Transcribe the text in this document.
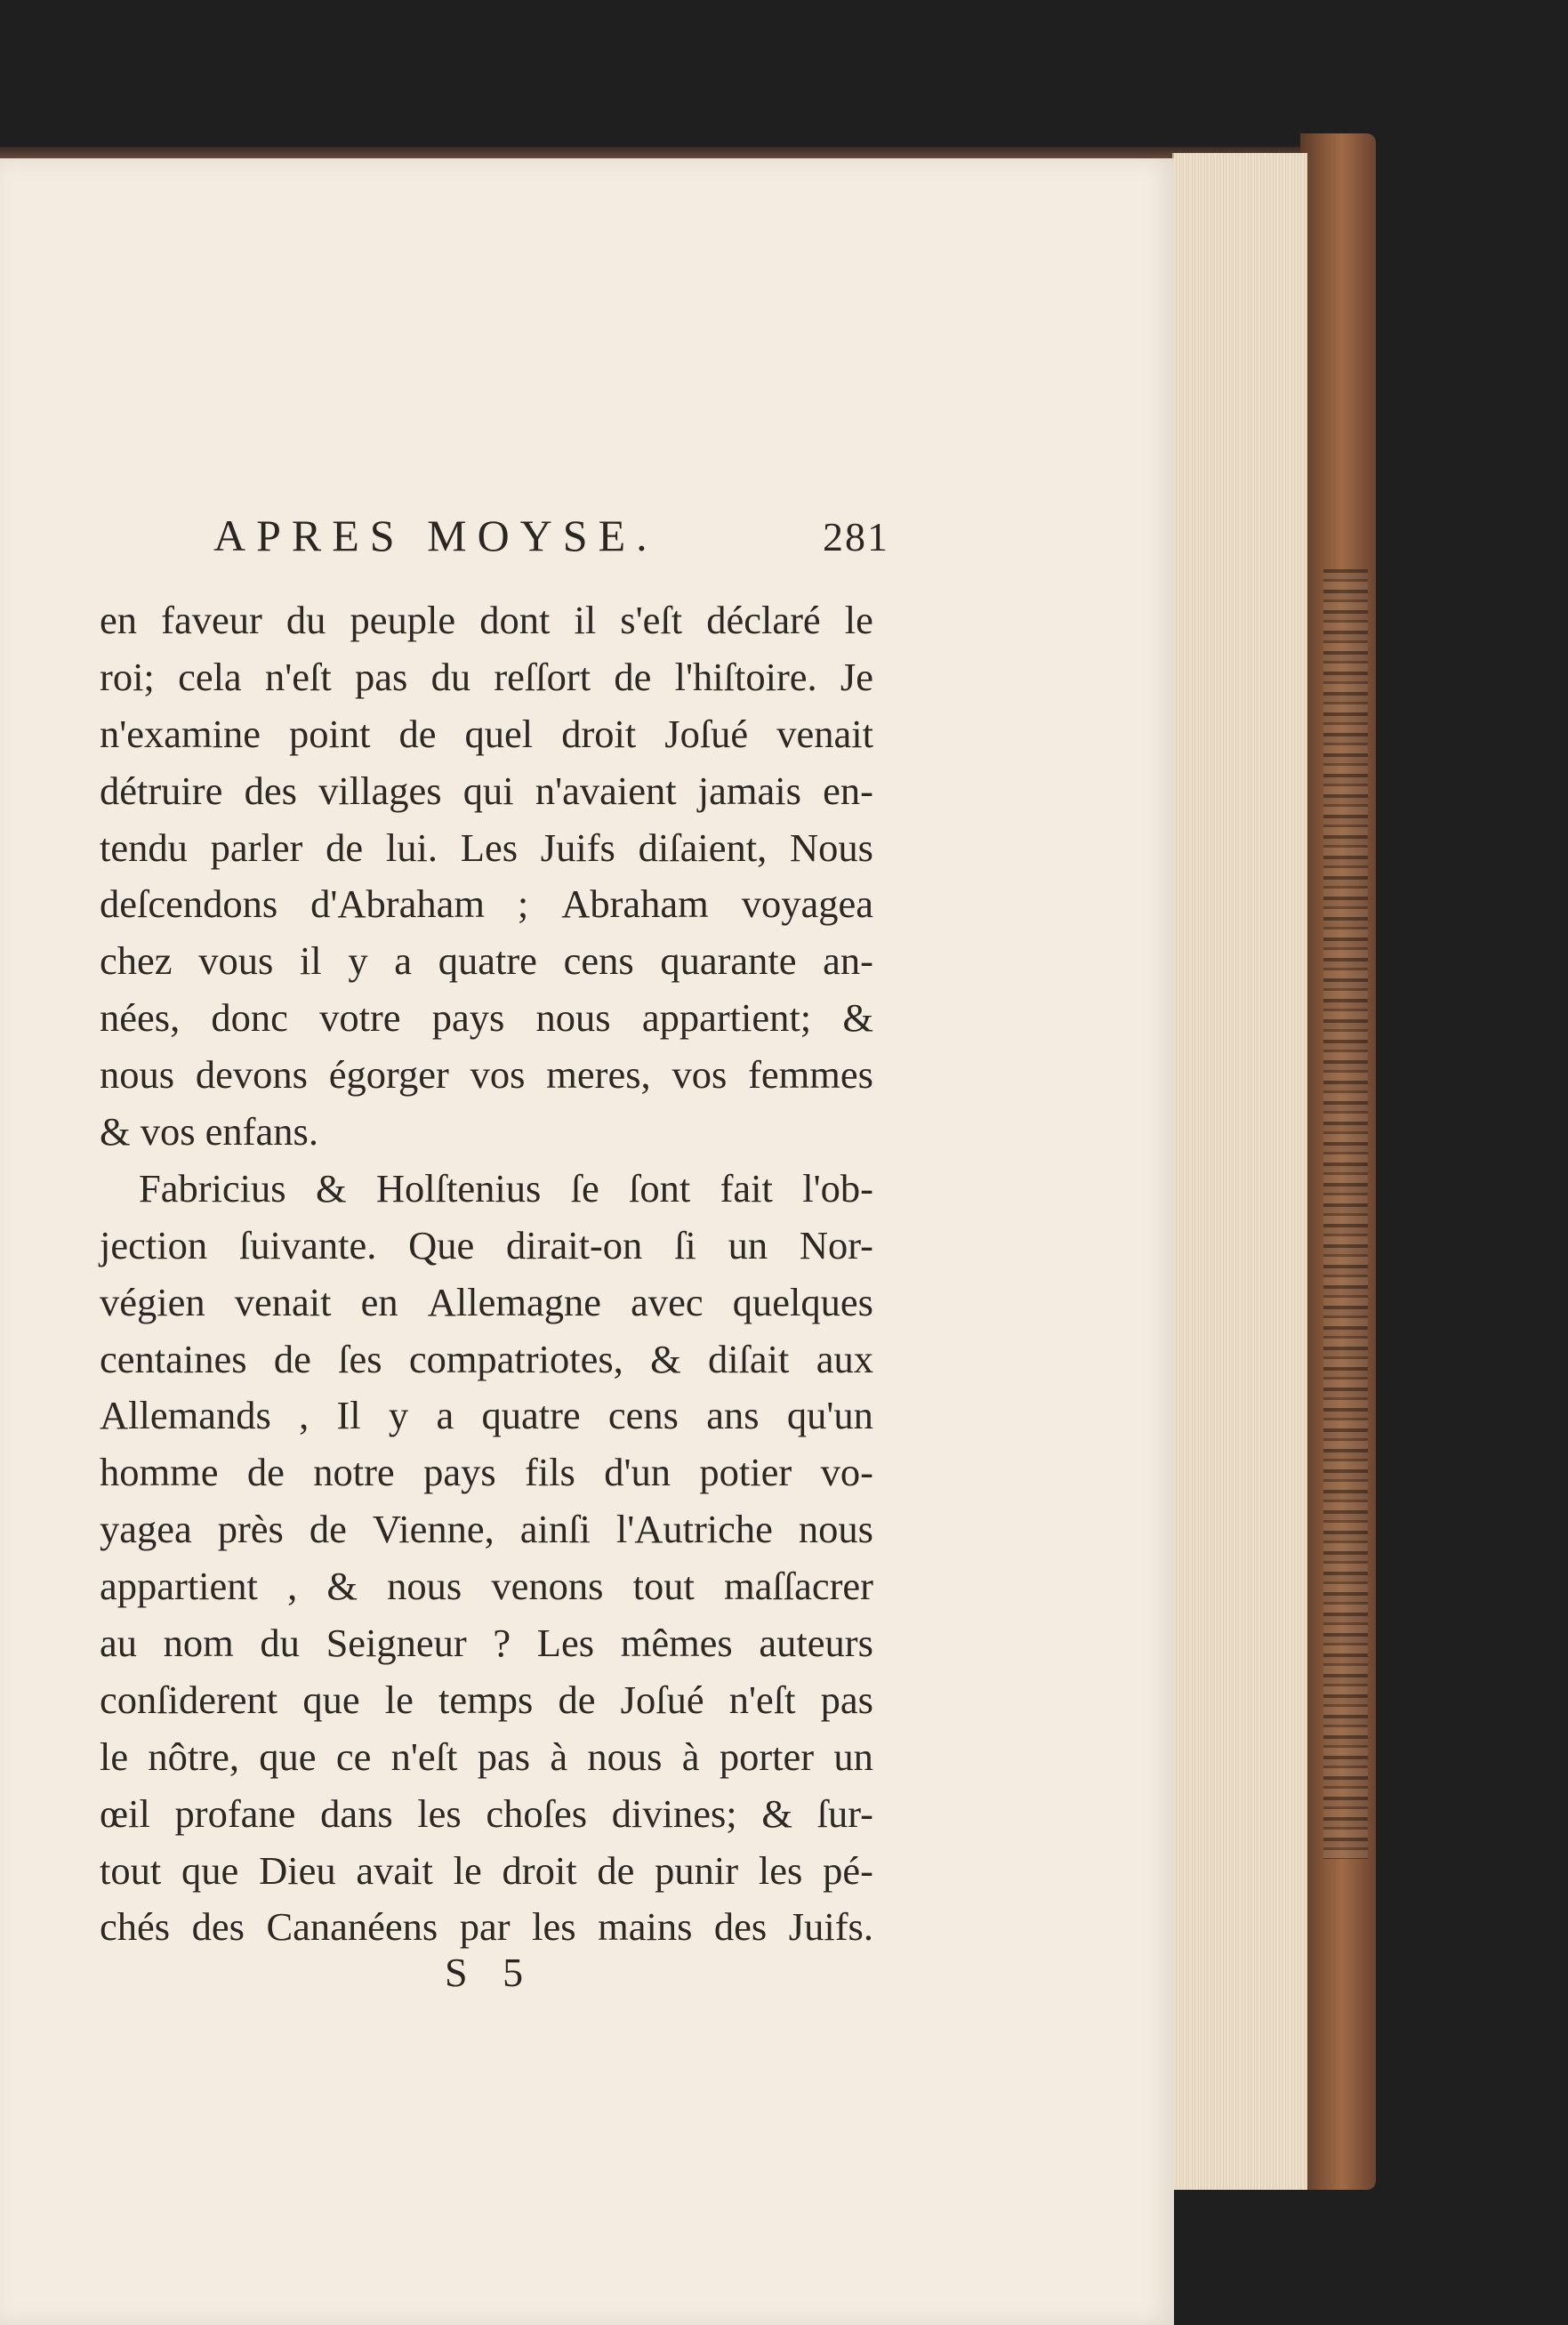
APRES MOYSE.	281
en faveur du peuple dont il s'eſt déclaré le
roi; cela n'eſt pas du reſſort de l'hiſtoire. Je
n'examine point de quel droit Joſué venait
détruire des villages qui n'avaient jamais en-
tendu parler de lui. Les Juifs diſaient, Nous
deſcendons d'Abraham ; Abraham voyagea
chez vous il y a quatre cens quarante an-
nées, donc votre pays nous appartient; &
nous devons égorger vos meres, vos femmes
& vos enfans.
Fabricius & Holſtenius ſe ſont fait l'ob-
jection ſuivante. Que dirait-on ſi un Nor-
végien venait en Allemagne avec quelques
centaines de ſes compatriotes, & diſait aux
Allemands , Il y a quatre cens ans qu'un
homme de notre pays fils d'un potier vo-
yagea près de Vienne, ainſi l'Autriche nous
appartient , & nous venons tout maſſacrer
au nom du Seigneur ? Les mêmes auteurs
conſiderent que le temps de Joſué n'eſt pas
le nôtre, que ce n'eſt pas à nous à porter un
œil profane dans les choſes divines; & ſur-
tout que Dieu avait le droit de punir les pé-
chés des Cananéens par les mains des Juifs.
S 5
